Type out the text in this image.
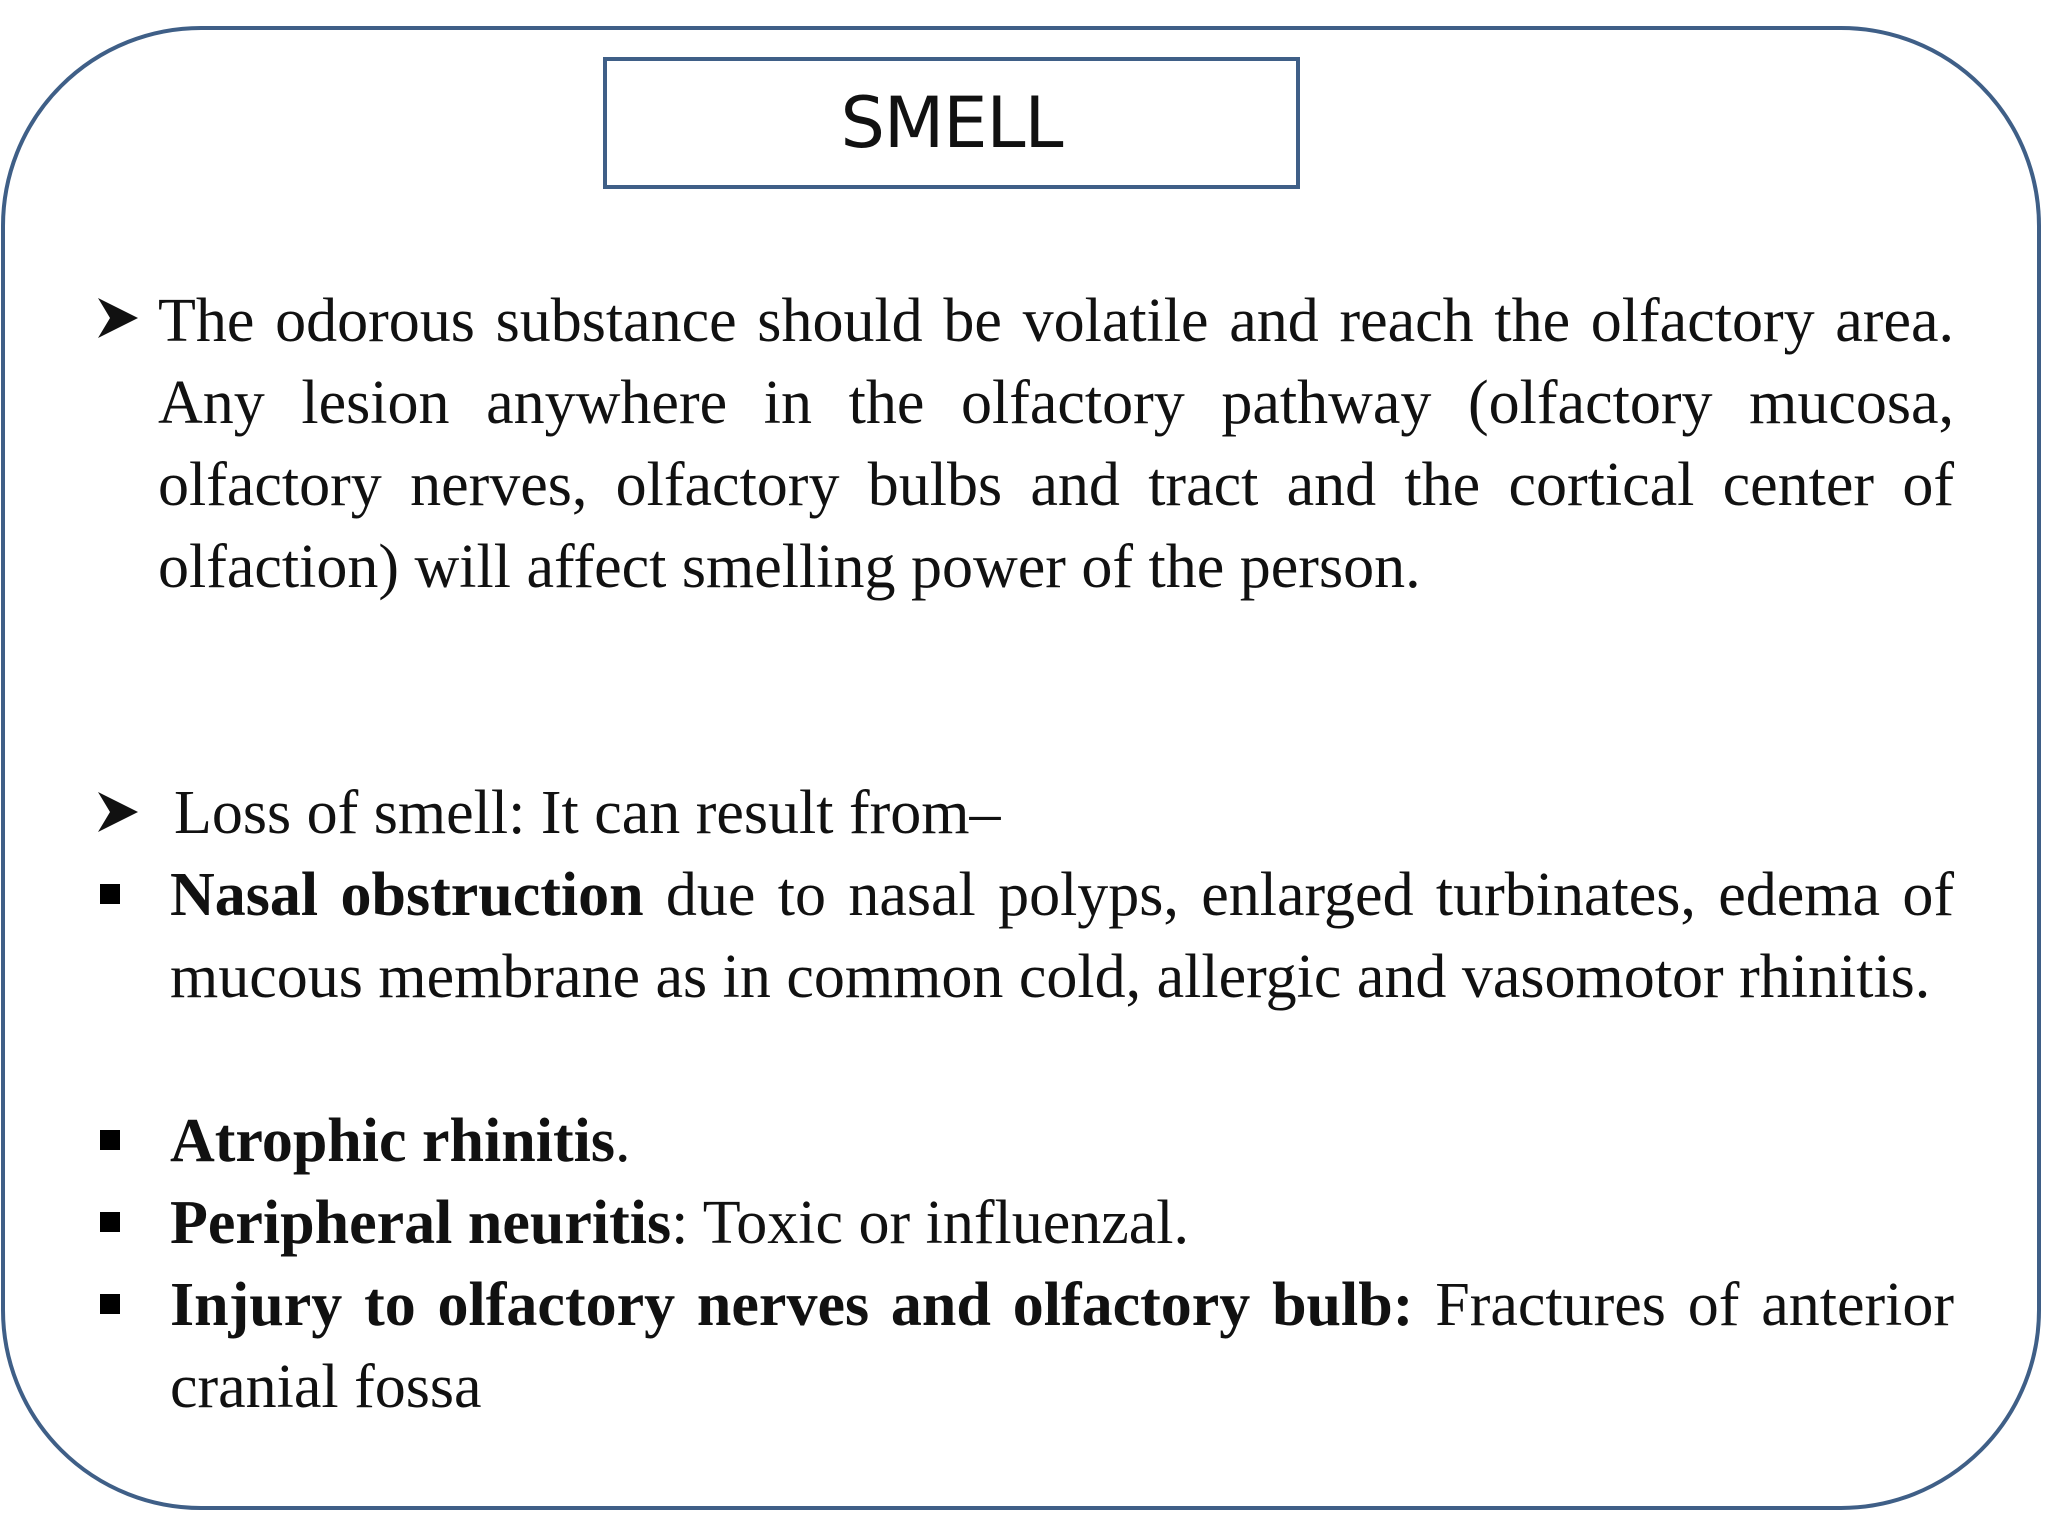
SMELL

The odorous substance should be volatile and reach the olfactory area. Any lesion anywhere in the olfactory pathway (olfactory mucosa, olfactory nerves, olfactory bulbs and tract and the cortical center of olfaction) will affect smelling power of the person.

Loss of smell: It can result from–

Nasal obstruction due to nasal polyps, enlarged turbinates, edema of mucous membrane as in common cold, allergic and vasomotor rhinitis.

Atrophic rhinitis.

Peripheral neuritis: Toxic or influenzal.

Injury to olfactory nerves and olfactory bulb: Fractures of anterior cranial fossa
